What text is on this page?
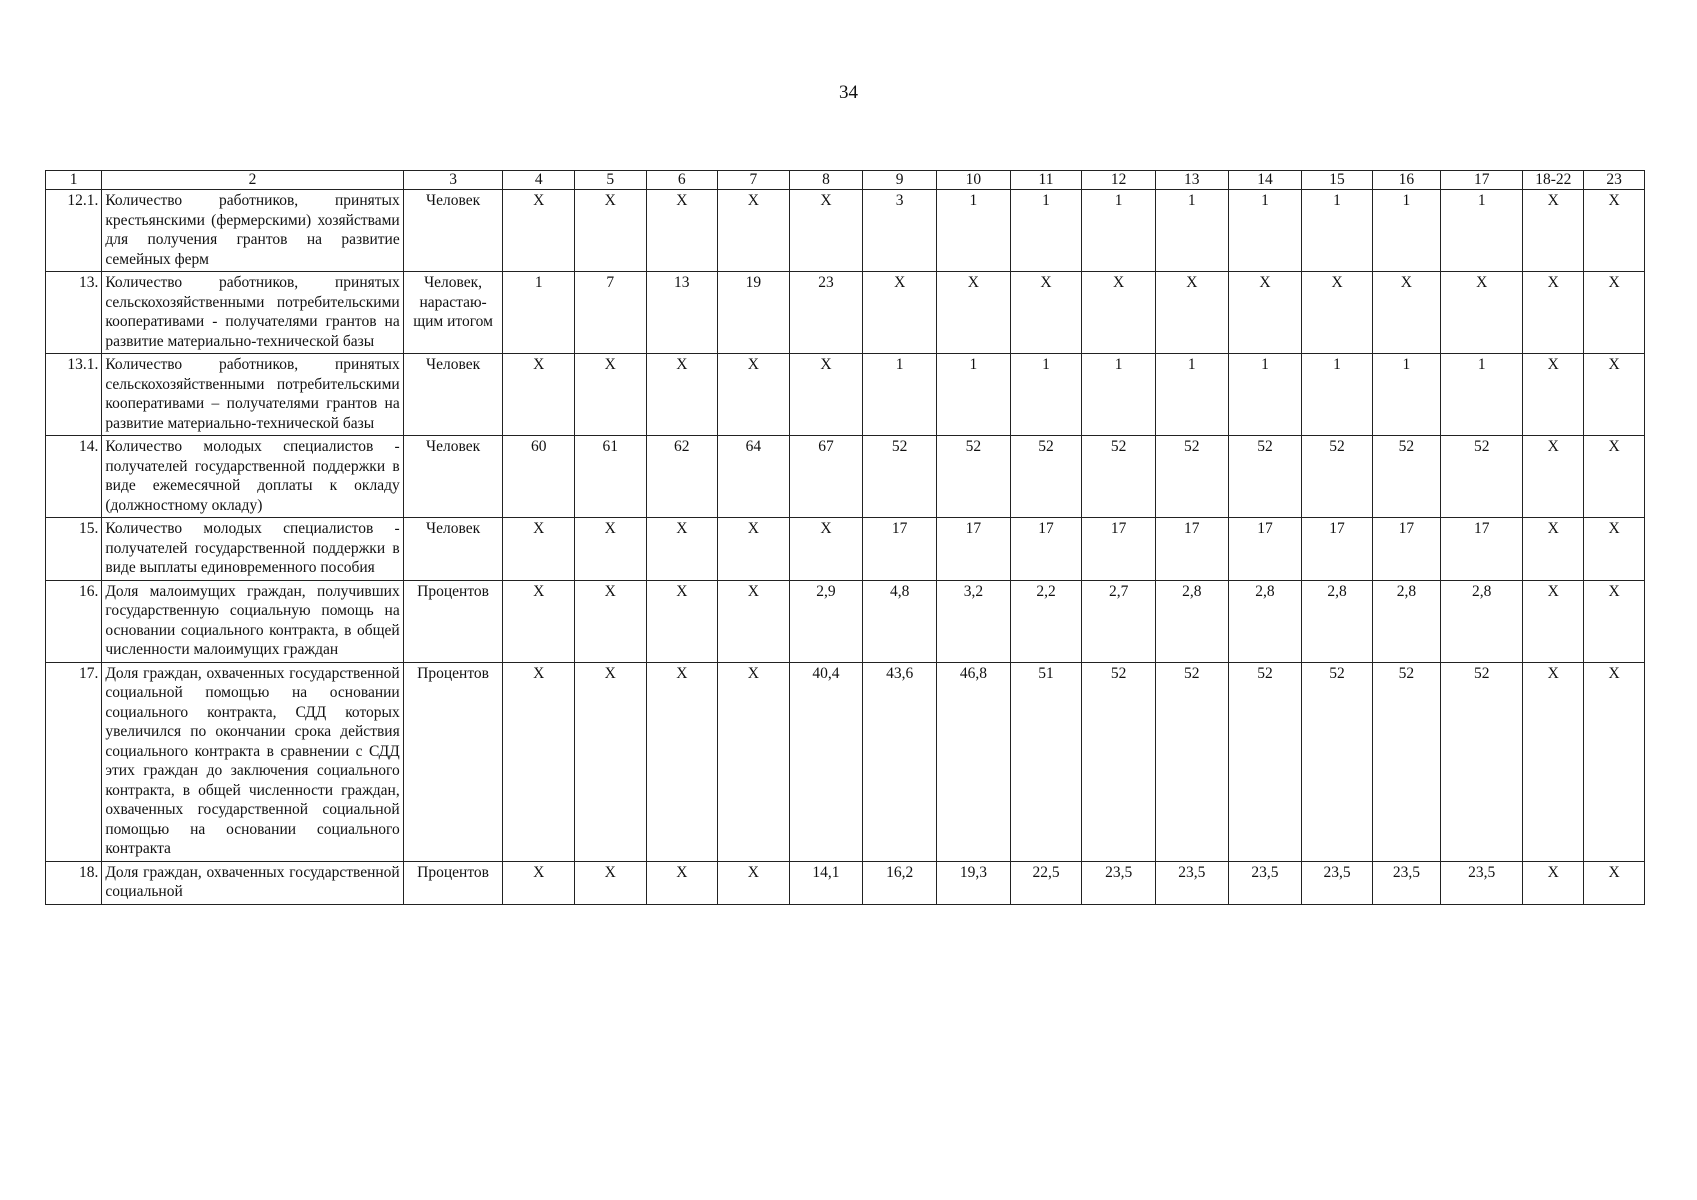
34
1	2	3	4	5	6	7	8	9	10	11	12	13	14	15	16	17	18-22	23
12.1.	Количество работников, принятых крестьянскими (фермерскими) хозяйствами для получения грантов на развитие семейных ферм	Человек	Х	Х	Х	Х	Х	3	1	1	1	1	1	1	1	1	Х	Х
13.	Количество работников, принятых сельскохозяйственными потребительскими кооперативами - получателями грантов на развитие материально-технической базы	Человек, нарастаю-щим итогом	1	7	13	19	23	Х	Х	Х	Х	Х	Х	Х	Х	Х	Х	Х
13.1.	Количество работников, принятых сельскохозяйственными потребительскими кооперативами – получателями грантов на развитие материально-технической базы	Человек	Х	Х	Х	Х	Х	1	1	1	1	1	1	1	1	1	Х	Х
14.	Количество молодых специалистов - получателей государственной поддержки в виде ежемесячной доплаты к окладу (должностному окладу)	Человек	60	61	62	64	67	52	52	52	52	52	52	52	52	52	Х	Х
15.	Количество молодых специалистов - получателей государственной поддержки в виде выплаты единовременного пособия	Человек	Х	Х	Х	Х	Х	17	17	17	17	17	17	17	17	17	Х	Х
16.	Доля малоимущих граждан, получивших государственную социальную помощь на основании социального контракта, в общей численности малоимущих граждан	Процентов	Х	Х	Х	Х	2,9	4,8	3,2	2,2	2,7	2,8	2,8	2,8	2,8	2,8	Х	Х
17.	Доля граждан, охваченных государственной социальной помощью на основании социального контракта, СДД которых увеличился по окончании срока действия социального контракта в сравнении с СДД этих граждан до заключения социального контракта, в общей численности граждан, охваченных государственной социальной помощью на основании социального контракта	Процентов	Х	Х	Х	Х	40,4	43,6	46,8	51	52	52	52	52	52	52	Х	Х
18.	Доля граждан, охваченных государственной социальной	Процентов	Х	Х	Х	Х	14,1	16,2	19,3	22,5	23,5	23,5	23,5	23,5	23,5	23,5	Х	Х
